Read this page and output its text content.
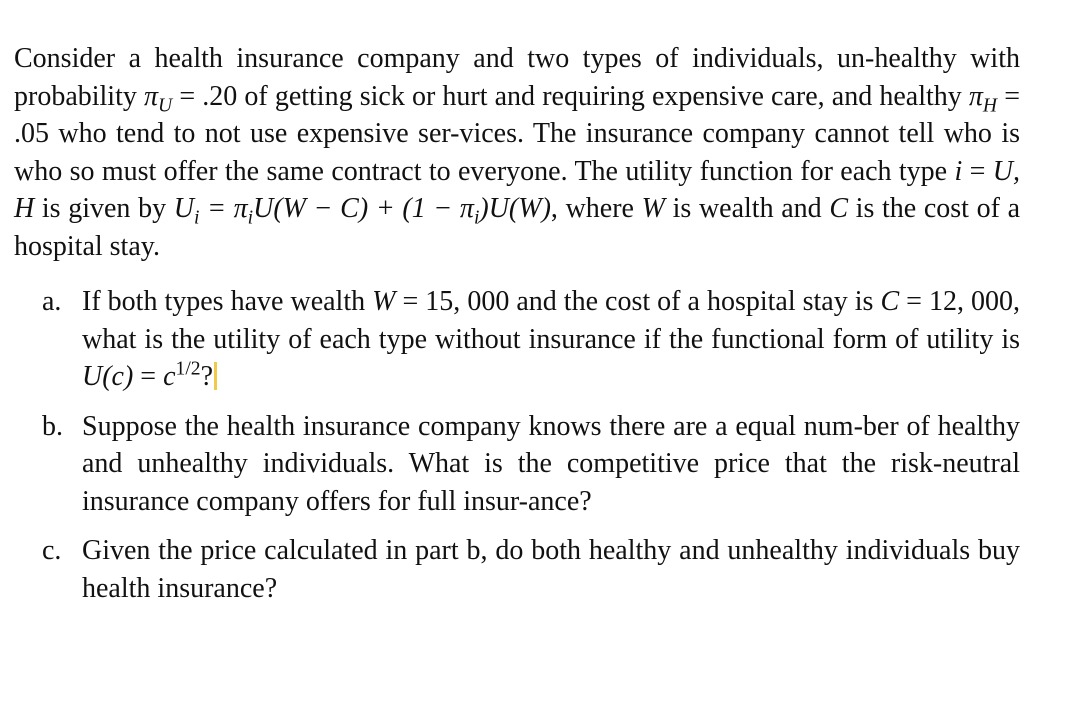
Consider a health insurance company and two types of individuals, un-healthy with probability $\pi_U = .20$ of getting sick or hurt and requiring expensive care, and healthy $\pi_H = .05$ who tend to not use expensive ser-vices. The insurance company cannot tell who is who so must offer the same contract to everyone. The utility function for each type i = U, H is given by $U_i = \pi_iU(W - C) + (1 - \pi_i)U(W)$, where W is wealth and C is the cost of a hospital stay.

a. If both types have wealth W = 15, 000 and the cost of a hospital stay is C = 12, 000, what is the utility of each type without insurance if the functional form of utility is $U(c) = c^{1/2}$?
b. Suppose the health insurance company knows there are a equal num-ber of healthy and unhealthy individuals. What is the competitive price that the risk-neutral insurance company offers for full insur-ance?
c. Given the price calculated in part b, do both healthy and unhealthy individuals buy health insurance?
